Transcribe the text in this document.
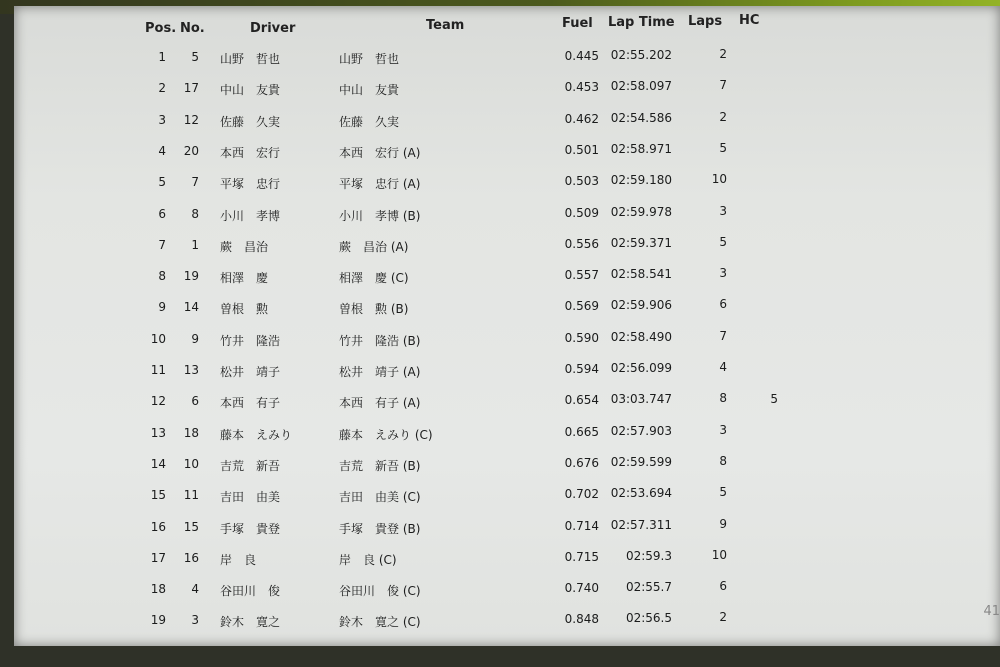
Pos. No.	Driver	Team	Fuel Lap Time Laps HC
1	5 山野　哲也	山野　哲也	0.445 02:55.202	2
2	17 中山　友貴	中山　友貴	0.453 02:58.097	7
3	12 佐藤　久実	佐藤　久実	0.462 02:54.586	2
4	20 本西　宏行	本西　宏行 (A)	0.501 02:58.971	5
5	7 平塚　忠行	平塚　忠行 (A)	0.503 02:59.180	10
6	8 小川　孝博	小川　孝博 (B)	0.509 02:59.978	3
7	1 蕨　昌治	蕨　昌治 (A)	0.556 02:59.371	5
8	19 相澤　慶	相澤　慶 (C)	0.557 02:58.541	3
9	14 曽根　勲	曽根　勲 (B)	0.569 02:59.906	6
10	9 竹井　隆浩	竹井　隆浩 (B)	0.590 02:58.490	7
11	13 松井　靖子	松井　靖子 (A)	0.594 02:56.099	4
12	6 本西　有子	本西　有子 (A)	0.654 03:03.747	8	5
13	18 藤本　えみり	藤本　えみり (C)	0.665 02:57.903	3
14	10 吉荒　新吾	吉荒　新吾 (B)	0.676 02:59.599	8
15	11 吉田　由美	吉田　由美 (C)	0.702 02:53.694	5
16	15 手塚　貴登	手塚　貴登 (B)	0.714 02:57.311	9
17	16 岸　良	岸　良 (C)	0.715	02:59.3	10
18	4 谷田川　俊	谷田川　俊 (C)	0.740	02:55.7	6
19	3 鈴木　寛之	鈴木　寛之 (C)	0.848	02:56.5	2	41
